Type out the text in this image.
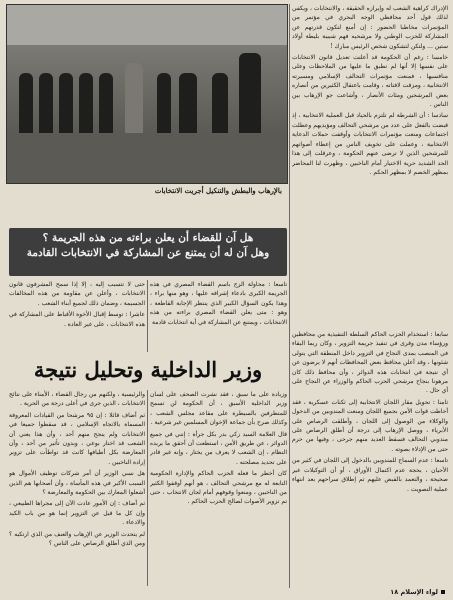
بالإرهاب والبطش والتنكيل أجريت الانتخابات

الإدراك كراهية الشعب له وإبرازه الحقيقة ، والانتخابات ، ويكفي لذلك قول أحد محافظي الوجه البحري في مؤتمر من المؤتمرات مخاطبا الحضور : إن أمنع لتكون قدرتهم عن المشاركة للحزب الوطني ولا مرشحيه فهم شبيبة بليطة أولاد ستين ... ولتكن لتشكون شخص الرئيس مبارك !

خامسا : رغم أن الحكومة قد أعلنت تعديل قانون الانتخابات على نفسها إلا أنها لم تطبق ما عليها من الملاحظات وعلى منافسيها ، فمنعت مؤتمرات التحالف الإسلامي ومسيرته الانتخابية ، ومزقت لافتاته ، وقامت باعتقال الكثيرين من أنصاره بعض المرشحين ومئات الأنصار ، وأشاعت جو الإرهاب بين الناس .

سادسا : أن الشرطة لم تلتزم بالحياد قبل العملية الانتخابية ، إذ قبضت بالفعل على عدد من مرشحي التحالف ومؤيديهم وعطلت اجتماعات ومنعت مؤتمرات الانتخابات وأوقفت حملات الدعاية الانتخابية ، وعملت على تخويف الناس من إعطاء أصواتهم للمرشحين الذين لا ترضى عنهم الحكومة ، وعرقلت إلى هذا الحد الشديد حرية الاختيار أمام الناخبين ، وظهرت لنا المحاضر بمظهر الخصم لا بمظهر الحكم .

سابعا : استخدام الحزب الحاكم السلطة التنفيذية من محافظين ورؤساء مدن وقرى في تنفيذ جريمة التزوير ، وكان ربما البقاء في المنصب بمدى النجاح في التزوير داخل المنطقة التي يتولى شئونها ، وقد أعلن محافظ بعض المحافظات أنهم لا يرضون عن أي نتيجة في انتخابات هذه الدوائر ، وأن محافظ ذلك كان مرهونا بنجاح مرشحي الحزب الحاكم والوزراء عن النجاح على أي حال .

ثامنا : تحويل مقار اللجان الانتخابية إلى ثكنات عسكرية ، فقد أحاطت قوات الأمن بجميع اللجان ومنعت المندوبين من الدخول والوكلاء من الوصول إلى اللجان ، وأطلقت الرصاص على الأبرياء ، ووصل الإرهاب إلى درجة أن أطلق الرصاص على مندوبي التحالف فسقط العديد منهم جرحى ، وفيها من حرم حتى من الإدلاء بصوته .

تاسعا : عدم السماح للمندوبين بالدخول إلى اللجان في كثير من الأحيان ، بحجة عدم اكتمال الأوراق ، أو أن التوكيلات غير صحيحة ، والتعمد بالقبض عليهم ثم إطلاق سراحهم بعد انتهاء عملية التصويت .

هل آن للقضاء أن يعلن براءته من هذه الجريمة ؟
وهل آن له أن يمتنع عن المشاركة في الانتخابات القادمة

تاسعا : محاولة الزج باسم القضاء المصري في هذه الجريمة الكبرى بادعاء إشرافه عليها ، وهو منها براء ، وهذا يكون السؤال الكبير الذي ينتظر الإجابة القاطعة ، وهو : متى يعلن القضاء المصري براءته من هذه الانتخابات ، ويمتنع عن المشاركة في أية انتخابات قادمة

حتى لا تتسبب إليه ، إلا إذا سمح المشرفون قانون الانتخابات ، وأعلن عن مقاومة من هذه المخالفات الجسيمة ، وضمان ذلك لجميع أبناء الشعب .

عاشرا : توسط إقبال الأخوة الأقباط على المشاركة في هذه الانتخابات ، على غير العادة .

وزير الداخلية وتحليل نتيجة

وزيادة على ما سبق ، فقد نشرت الصحف على لسان وزير الداخلية الأسبق ، أن الحكومة لن تسمح للمتطرفين بالسيطرة على مقاعد مجلس الشعب ، وكذلك صرح بأن جماعة الإخوان المسلمين غير شرعية .

قال العلامة السيد زكي بدر بكل جرأة : إنني في جميع الدوائر ، عن طريق الأمن ، استطعت أن أحقق ما يريده النظام ، إن الشعب لا يعرف من يختار ، وإنه غير قادر على تحديد مصلحته .

كان أخطر ما فعله الحزب الحاكم والإدارة الحكومية التابعة له مع مرشحي التحالف ، هو أنهم أوقفوا الكثير من الناخبين ، ومنعوا وقوفهم أمام لجان الانتخاب ، حتى تم تزوير الأصوات لصالح الحزب الحاكم .

والرئيسية ، ولكنهم من رجال القضاء ، الأمناء على نتائج الانتخابات ، الذين جرى في أعلى درجة من الحرية .

ثم أضاف قائلا : إن ٩٥ مرشحا من القيادات المعروفة المسماة بالاتجاه الإسلامي ، قد سقطوا جميعا في الانتخابات ولم ينجح منهم أحد ، وأن هذا يعني أن الشعب قد اختار بوعي ، وبدون تأثير من أحد ، وأن المعارضة بكل أطيافها كانت قد تواطأت على تزوير إرادة الناخبين .

هل نسي الوزير أن أمر شركات توظيف الأموال هو السبب الأكبر في هذه المأساة ، وأن أصحابها هم الذين أشعلوا المعارك بين الحكومة والمعارضة ؟

ثم أضاف : إن الأمور عادت الآن إلى مجراها الطبيعي ، وإن كل ما قيل عن التزوير إنما هو من باب الكيد والادعاء .

لم يتحدث الوزير عن الإرهاب والعنف من الذي ارتكبه ؟ ومن الذي أطلق الرصاص على الناس ؟

لواء الإسلام ١٨
